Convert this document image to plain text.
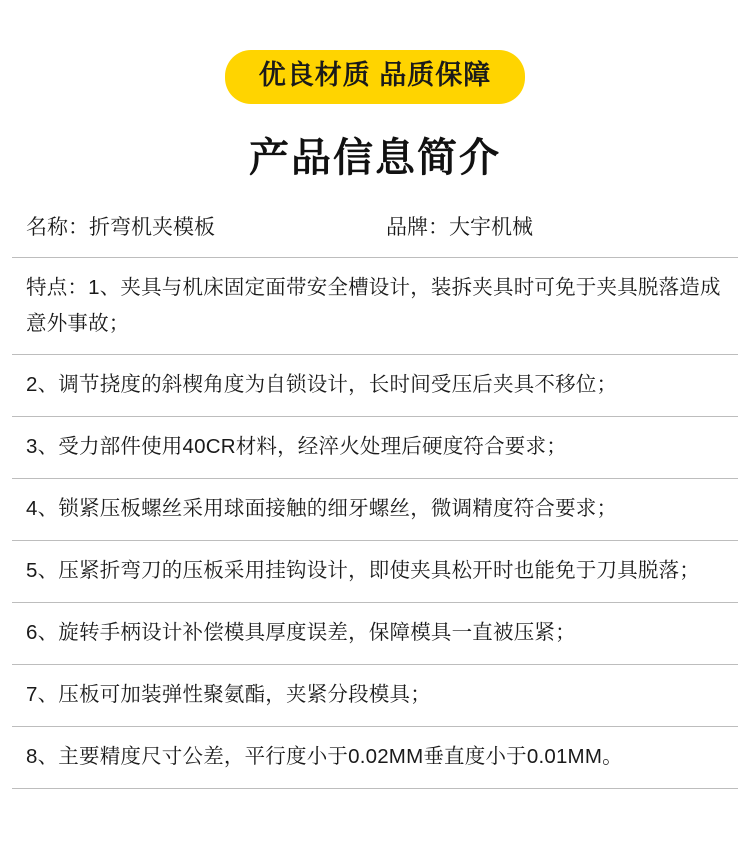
优良材质 品质保障
产品信息简介
名称：折弯机夹模板	品牌：大宇机械
特点：1、夹具与机床固定面带安全槽设计，装拆夹具时可免于夹具脱落造成意外事故；
2、调节挠度的斜楔角度为自锁设计，长时间受压后夹具不移位；
3、受力部件使用40CR材料，经淬火处理后硬度符合要求；
4、锁紧压板螺丝采用球面接触的细牙螺丝，微调精度符合要求；
5、压紧折弯刀的压板采用挂钩设计，即使夹具松开时也能免于刀具脱落；
6、旋转手柄设计补偿模具厚度误差，保障模具一直被压紧；
7、压板可加装弹性聚氨酯，夹紧分段模具；
8、主要精度尺寸公差，平行度小于0.02MM垂直度小于0.01MM。
